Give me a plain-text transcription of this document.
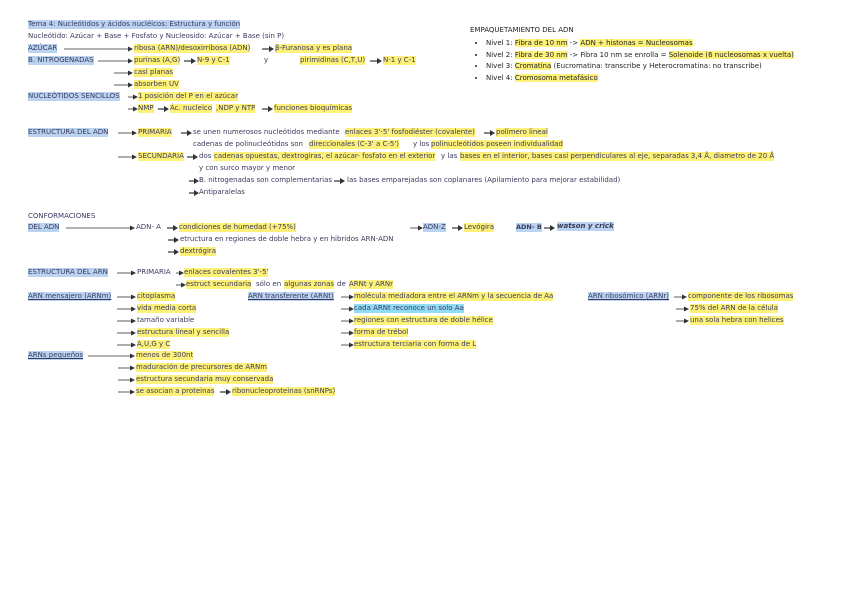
Tema 4: Nucleótidos y ácidos nucléicos: Estructura y función
Nucleótido: Azúcar + Base + Fosfato y Nucleosido: Azúcar + Base (sin P)
AZÚCAR	ribosa (ARN)/desoxirribosa (ADN)	β-Furanosa y es plana
B. NITROGENADAS	purinas (A,G) N-9 y C-1	y	pirimidinas (C,T,U)	N-1 y C-1
casi planas
absorben UV
NUCLEÓTIDOS SENCILLOS	1 posición del P en el azúcar
NMP Ác. nucleico ,NDP y NTP	funciones bioquímicas
ESTRUCTURA DEL ADN	PRIMARIA	se unen numerosos nucleótidos mediante enlaces 3'-5' fosfodiéster (covalente)	polímero lineal
cadenas de polinucleótidos son direccionales (C-3' a C-5') y los polinucleótidos poseen individualidad
SECUNDARIA dos cadenas opuestas, dextrogiras, el azúcar- fosfato en el exterior y las bases en el interior, bases casi perpendiculares al eje, separadas 3,4 Å, diametro de 20 Å
y con surco mayor y menor
B. nitrogenadas son complementarias las bases emparejadas son coplanares (Apilamiento para mejorar estabilidad)
Antiparalelas
CONFORMACIONES
DEL ADN	ADN- A	condiciones de humedad (+75%)
etructura en regiones de doble hebra y en hibridos ARN-ADN
dextrógira
ADN-Z	Levógira	ADN- B watson y crick
ESTRUCTURA DEL ARN	PRIMARIA enlaces covalentes 3'-5'
estruct secundaria sólo en algunas zonas de ARNt y ARNr
ARN mensajero (ARNm)	citoplasma
vida media corta
tamaño variable
estructura lineal y sencilla
A,U,G y C
ARN transferente (ARNt)	molécula mediadora entre el ARNm y la secuencia de Aa
cada ARNt reconoce un solo Aa
regiones con estructura de doble hélice
forma de trébol
estructura terciaria con forma de L
ARN ribosómico (ARNr)	componente de los ribosomas
75% del ARN de la célula
una sola hebra con helices
ARNs pequeños	menos de 300nt
maduración de precursores de ARNm
estructura secundaria muy conservada
se asocian a proteinas	ribonucleoproteinas (snRNPs)
EMPAQUETAMIENTO DEL ADN
• Nivel 1: Fibra de 10 nm -> ADN + histonas = Nucleosomas
• Nivel 2: Fibra de 30 nm -> Fibra 10 nm se enrolla = Solenoide (6 nucleosomas x vuelta)
• Nivel 3: Cromatina (Eucromatina: transcribe y Heterocromatina: no transcribe)
• Nivel 4: Cromosoma metafásico
